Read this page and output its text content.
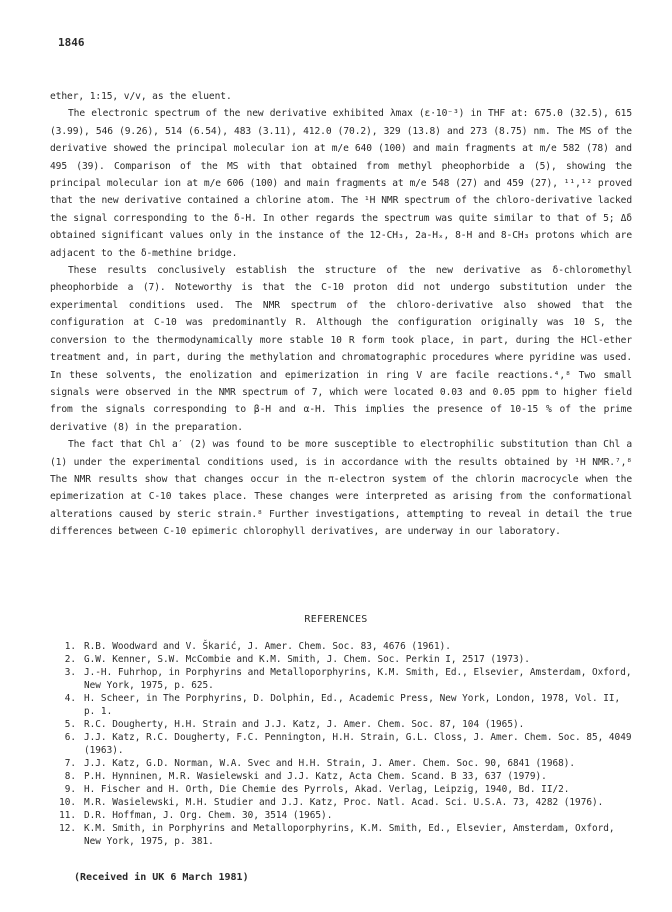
1846

ether, 1:15, v/v, as the eluent.

The electronic spectrum of the new derivative exhibited λmax (ε·10⁻³) in THF at: 675.0 (32.5), 615 (3.99), 546 (9.26), 514 (6.54), 483 (3.11), 412.0 (70.2), 329 (13.8) and 273 (8.75) nm. The MS of the derivative showed the principal molecular ion at m/e 640 (100) and main fragments at m/e 582 (78) and 495 (39). Comparison of the MS with that obtained from methyl pheophorbide a (5), showing the principal molecular ion at m/e 606 (100) and main fragments at m/e 548 (27) and 459 (27), ¹¹,¹² proved that the new derivative contained a chlorine atom. The ¹H NMR spectrum of the chloro-derivative lacked the signal corresponding to the δ-H. In other regards the spectrum was quite similar to that of 5; Δδ obtained significant values only in the instance of the 12-CH₃, 2a-Hₓ, 8-H and 8-CH₃ protons which are adjacent to the δ-methine bridge.

These results conclusively establish the structure of the new derivative as δ-chloromethyl pheophorbide a (7). Noteworthy is that the C-10 proton did not undergo substitution under the experimental conditions used. The NMR spectrum of the chloro-derivative also showed that the configuration at C-10 was predominantly R. Although the configuration originally was 10 S, the conversion to the thermodynamically more stable 10 R form took place, in part, during the HCl-ether treatment and, in part, during the methylation and chromatographic procedures where pyridine was used. In these solvents, the enolization and epimerization in ring V are facile reactions.⁴,⁸ Two small signals were observed in the NMR spectrum of 7, which were located 0.03 and 0.05 ppm to higher field from the signals corresponding to β-H and α-H. This implies the presence of 10-15 % of the prime derivative (8) in the preparation.

The fact that Chl a′ (2) was found to be more susceptible to electrophilic substitution than Chl a (1) under the experimental conditions used, is in accordance with the results obtained by ¹H NMR.⁷,⁸ The NMR results show that changes occur in the π-electron system of the chlorin macrocycle when the epimerization at C-10 takes place. These changes were interpreted as arising from the conformational alterations caused by steric strain.⁸ Further investigations, attempting to reveal in detail the true differences between C-10 epimeric chlorophyll derivatives, are underway in our laboratory.

REFERENCES
1. R.B. Woodward and V. Škarić, J. Amer. Chem. Soc. 83, 4676 (1961).
2. G.W. Kenner, S.W. McCombie and K.M. Smith, J. Chem. Soc. Perkin I, 2517 (1973).
3. J.-H. Fuhrhop, in Porphyrins and Metalloporphyrins, K.M. Smith, Ed., Elsevier, Amsterdam, Oxford, New York, 1975, p. 625.
4. H. Scheer, in The Porphyrins, D. Dolphin, Ed., Academic Press, New York, London, 1978, Vol. II, p. 1.
5. R.C. Dougherty, H.H. Strain and J.J. Katz, J. Amer. Chem. Soc. 87, 104 (1965).
6. J.J. Katz, R.C. Dougherty, F.C. Pennington, H.H. Strain, G.L. Closs, J. Amer. Chem. Soc. 85, 4049 (1963).
7. J.J. Katz, G.D. Norman, W.A. Svec and H.H. Strain, J. Amer. Chem. Soc. 90, 6841 (1968).
8. P.H. Hynninen, M.R. Wasielewski and J.J. Katz, Acta Chem. Scand. B 33, 637 (1979).
9. H. Fischer and H. Orth, Die Chemie des Pyrrols, Akad. Verlag, Leipzig, 1940, Bd. II/2.
10. M.R. Wasielewski, M.H. Studier and J.J. Katz, Proc. Natl. Acad. Sci. U.S.A. 73, 4282 (1976).
11. D.R. Hoffman, J. Org. Chem. 30, 3514 (1965).
12. K.M. Smith, in Porphyrins and Metalloporphyrins, K.M. Smith, Ed., Elsevier, Amsterdam, Oxford, New York, 1975, p. 381.
(Received in UK 6 March 1981)
